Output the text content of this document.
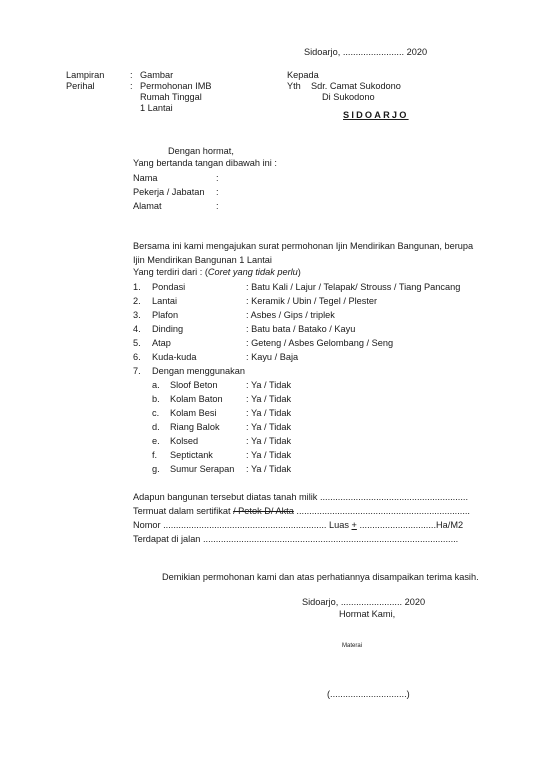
Sidoarjo, ........................ 2020
Lampiran	: Gambar
Perihal	: Permohonan IMB
Rumah Tinggal
1 Lantai
Kepada
Yth Sdr. Camat Sukodono
Di Sukodono
SIDOARJO
Dengan hormat,
Yang bertanda tangan dibawah ini :
Nama	:
Pekerja / Jabatan :
Alamat	:
Bersama ini kami mengajukan surat permohonan Ijin Mendirikan Bangunan, berupa
Ijin Mendirikan Bangunan 1 Lantai
Yang terdiri dari : (Coret yang tidak perlu)
1. Pondasi	: Batu Kali / Lajur / Telapak/ Strouss / Tiang Pancang
2. Lantai	: Keramik / Ubin / Tegel / Plester
3. Plafon	: Asbes / Gips / triplek
4. Dinding	: Batu bata / Batako / Kayu
5. Atap	: Geteng / Asbes Gelombang / Seng
6. Kuda-kuda	: Kayu / Baja
7. Dengan menggunakan
a. Sloof Beton	: Ya / Tidak
b. Kolam Baton	: Ya / Tidak
c. Kolam Besi	: Ya / Tidak
d. Riang Balok	: Ya / Tidak
e. Kolsed	: Ya / Tidak
f. Septictank	: Ya / Tidak
g. Sumur Serapan : Ya / Tidak
Adapun bangunan tersebut diatas tanah milik ..........................................................
Termuat dalam sertifikat / Petok D/ Akta ....................................................................
Nomor ................................................................ Luas + ..............................Ha/M2
Terdapat di jalan ....................................................................................................
Demikian permohonan kami dan atas perhatiannya disampaikan terima kasih.
Sidoarjo, ........................ 2020
Hormat Kami,
Materai
(..............................)
